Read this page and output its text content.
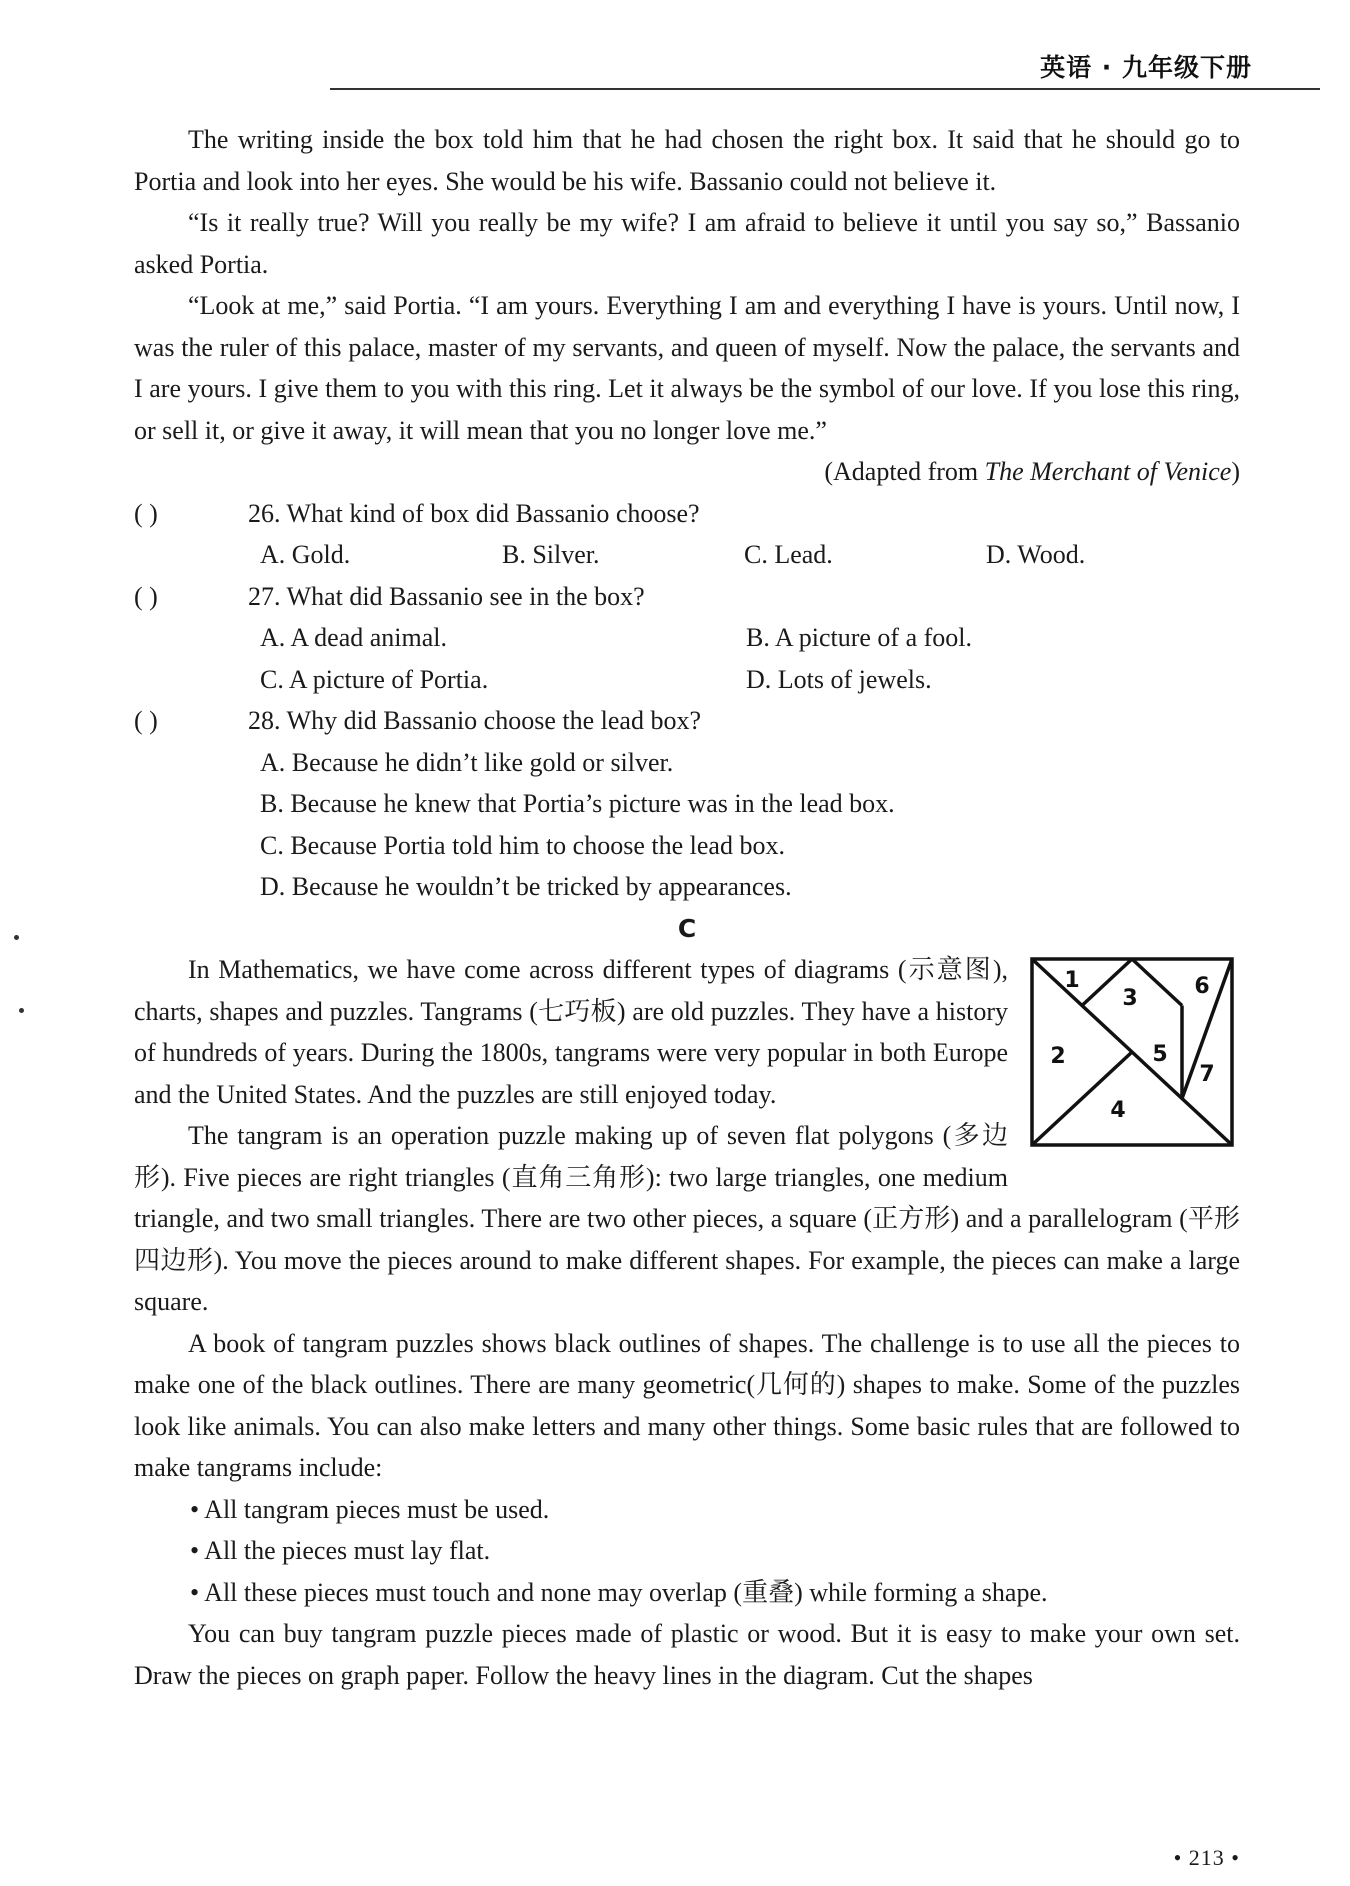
英语 · 九年级下册

The writing inside the box told him that he had chosen the right box. It said that he should go to Portia and look into her eyes. She would be his wife. Bassanio could not believe it.

“Is it really true? Will you really be my wife? I am afraid to believe it until you say so,” Bassanio asked Portia.

“Look at me,” said Portia. “I am yours. Everything I am and everything I have is yours. Until now, I was the ruler of this palace, master of my servants, and queen of myself. Now the palace, the servants and I are yours. I give them to you with this ring. Let it always be the symbol of our love. If you lose this ring, or sell it, or give it away, it will mean that you no longer love me.”

(Adapted from The Merchant of Venice)

( )	26. What kind of box did Bassanio choose?

A. Gold.	B. Silver.	C. Lead.	D. Wood.

( )	27. What did Bassanio see in the box?

A. A dead animal.	B. A picture of a fool.
C. A picture of Portia.	D. Lots of jewels.

( )	28. Why did Bassanio choose the lead box?

A. Because he didn’t like gold or silver.
B. Because he knew that Portia’s picture was in the lead box.
C. Because Portia told him to choose the lead box.
D. Because he wouldn’t be tricked by appearances.
C
1
2
3
4
5
6
7

In Mathematics, we have come across different types of diagrams (示意图), charts, shapes and puzzles. Tangrams (七巧板) are old puzzles. They have a history of hundreds of years. During the 1800s, tangrams were very popular in both Europe and the United States. And the puzzles are still enjoyed today.

The tangram is an operation puzzle making up of seven flat polygons (多边形). Five pieces are right triangles (直角三角形): two large triangles, one medium triangle, and two small triangles. There are two other pieces, a square (正方形) and a parallelogram (平形四边形). You move the pieces around to make different shapes. For example, the pieces can make a large square.

A book of tangram puzzles shows black outlines of shapes. The challenge is to use all the pieces to make one of the black outlines. There are many geometric(几何的) shapes to make. Some of the puzzles look like animals. You can also make letters and many other things. Some basic rules that are followed to make tangrams include:

• All tangram pieces must be used.
• All the pieces must lay flat.
• All these pieces must touch and none may overlap (重叠) while forming a shape.

You can buy tangram puzzle pieces made of plastic or wood. But it is easy to make your own set. Draw the pieces on graph paper. Follow the heavy lines in the diagram. Cut the shapes

• 213 •
